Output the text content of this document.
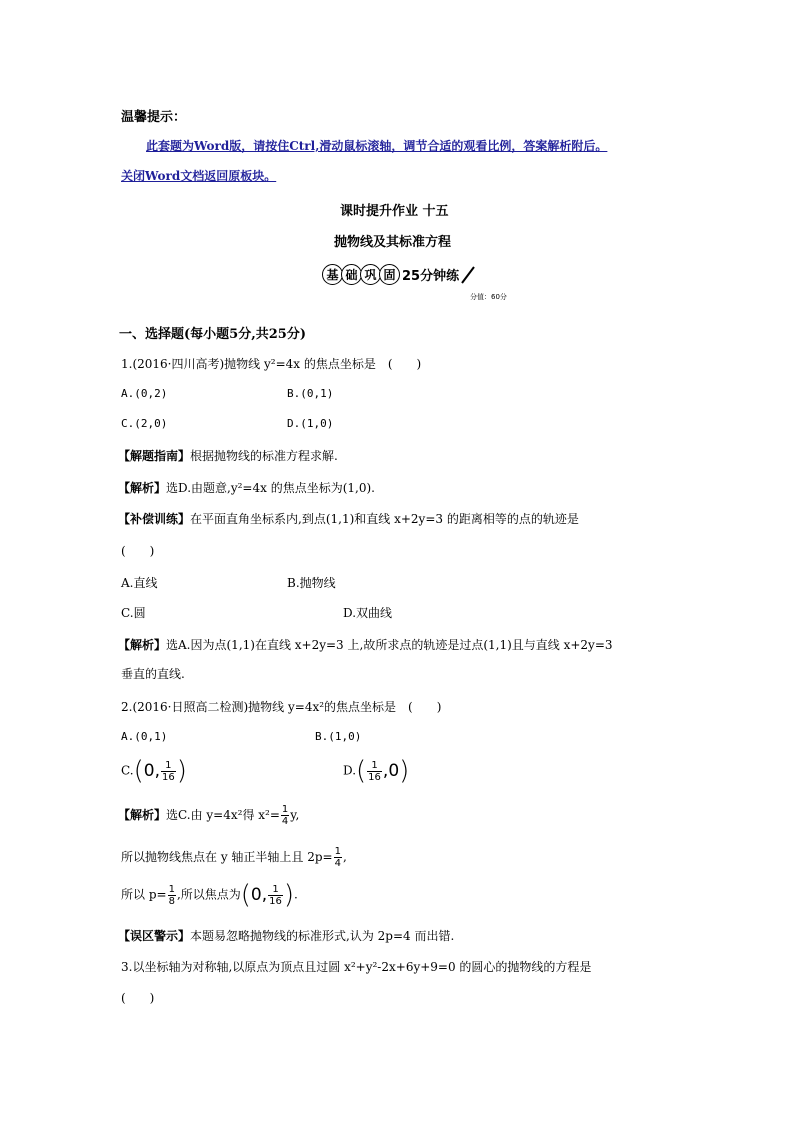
温馨提示：
此套题为Word版，请按住Ctrl,滑动鼠标滚轴，调节合适的观看比例，答案解析附后。
关闭Word文档返回原板块。
课时提升作业 十五
抛物线及其标准方程
基 础 巩 固 25分钟练
分值：60分
一、选择题(每小题5分,共25分)
1.(2016·四川高考)抛物线 y²=4x 的焦点坐标是　(　　)
A.(0,2)	B.(0,1)
C.(2,0)	D.(1,0)
【解题指南】根据抛物线的标准方程求解.
【解析】选D.由题意,y²=4x 的焦点坐标为(1,0).
【补偿训练】在平面直角坐标系内,到点(1,1)和直线 x+2y=3 的距离相等的点的轨迹是
(　　)
A.直线	B.抛物线
C.圆	D.双曲线
【解析】选A.因为点(1,1)在直线 x+2y=3 上,故所求点的轨迹是过点(1,1)且与直线 x+2y=3
垂直的直线.
2.(2016·日照高二检测)抛物线 y=4x²的焦点坐标是　(　　)
A.(0,1)	B.(1,0)
C.(0, $\frac{1}{16}$ )	$D.( \frac{1}{16} ,0)$
【解析】选C.由 y=4x²得 $x^2= \frac{1}{4} y$,
所以抛物线焦点在 y 轴正半轴上且 $2p= \frac{1}{4}$ ,
所以 $p= \frac{1}{8}$ ,所以焦点为(0, $\frac{1}{16}$ ).
【误区警示】本题易忽略抛物线的标准形式,认为 2p=4 而出错.
3.以坐标轴为对称轴,以原点为顶点且过圆 x²+y²-2x+6y+9=0 的圆心的抛物线的方程是
(　　)
